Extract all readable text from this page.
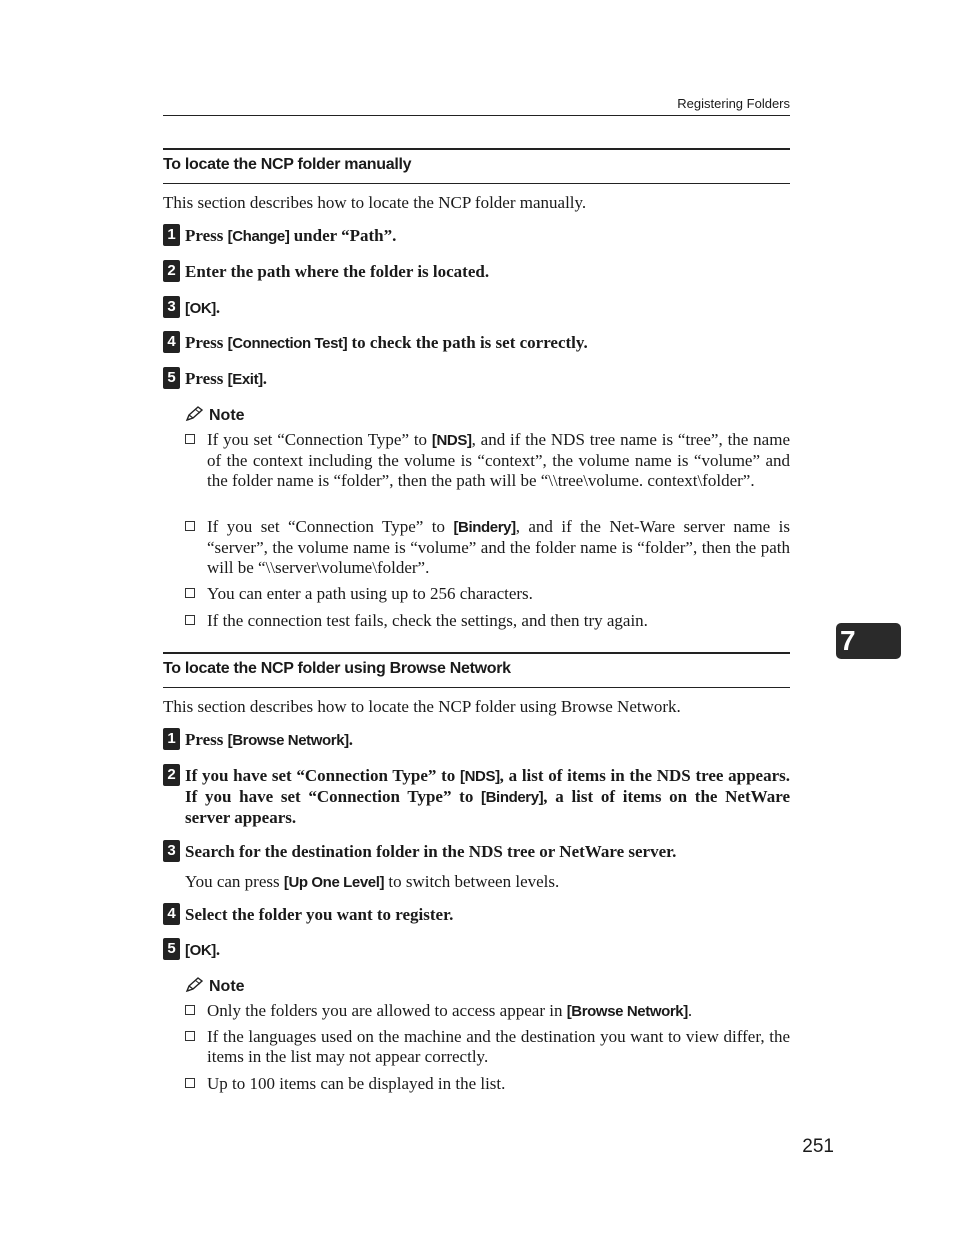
Registering Folders
To locate the NCP folder manually
This section describes how to locate the NCP folder manually.
1 Press [Change] under “Path”.
2 Enter the path where the folder is located.
3 [OK].
4 Press [Connection Test] to check the path is set correctly.
5 Press [Exit].
Note
If you set “Connection Type” to [NDS], and if the NDS tree name is “tree”, the name of the context including the volume is “context”, the volume name is “volume” and the folder name is “folder”, then the path will be “\\tree\volume. context\folder”.
If you set “Connection Type” to [Bindery], and if the Net-Ware server name is “server”, the volume name is “volume” and the folder name is “folder”, then the path will be “\\server\volume\folder”.
You can enter a path using up to 256 characters.
If the connection test fails, check the settings, and then try again.
7
To locate the NCP folder using Browse Network
This section describes how to locate the NCP folder using Browse Network.
1 Press [Browse Network].
2 If you have set “Connection Type” to [NDS], a list of items in the NDS tree appears. If you have set “Connection Type” to [Bindery], a list of items on the NetWare server appears.
3 Search for the destination folder in the NDS tree or NetWare server.
You can press [Up One Level] to switch between levels.
4 Select the folder you want to register.
5 [OK].
Note
Only the folders you are allowed to access appear in [Browse Network].
If the languages used on the machine and the destination you want to view differ, the items in the list may not appear correctly.
Up to 100 items can be displayed in the list.
251
